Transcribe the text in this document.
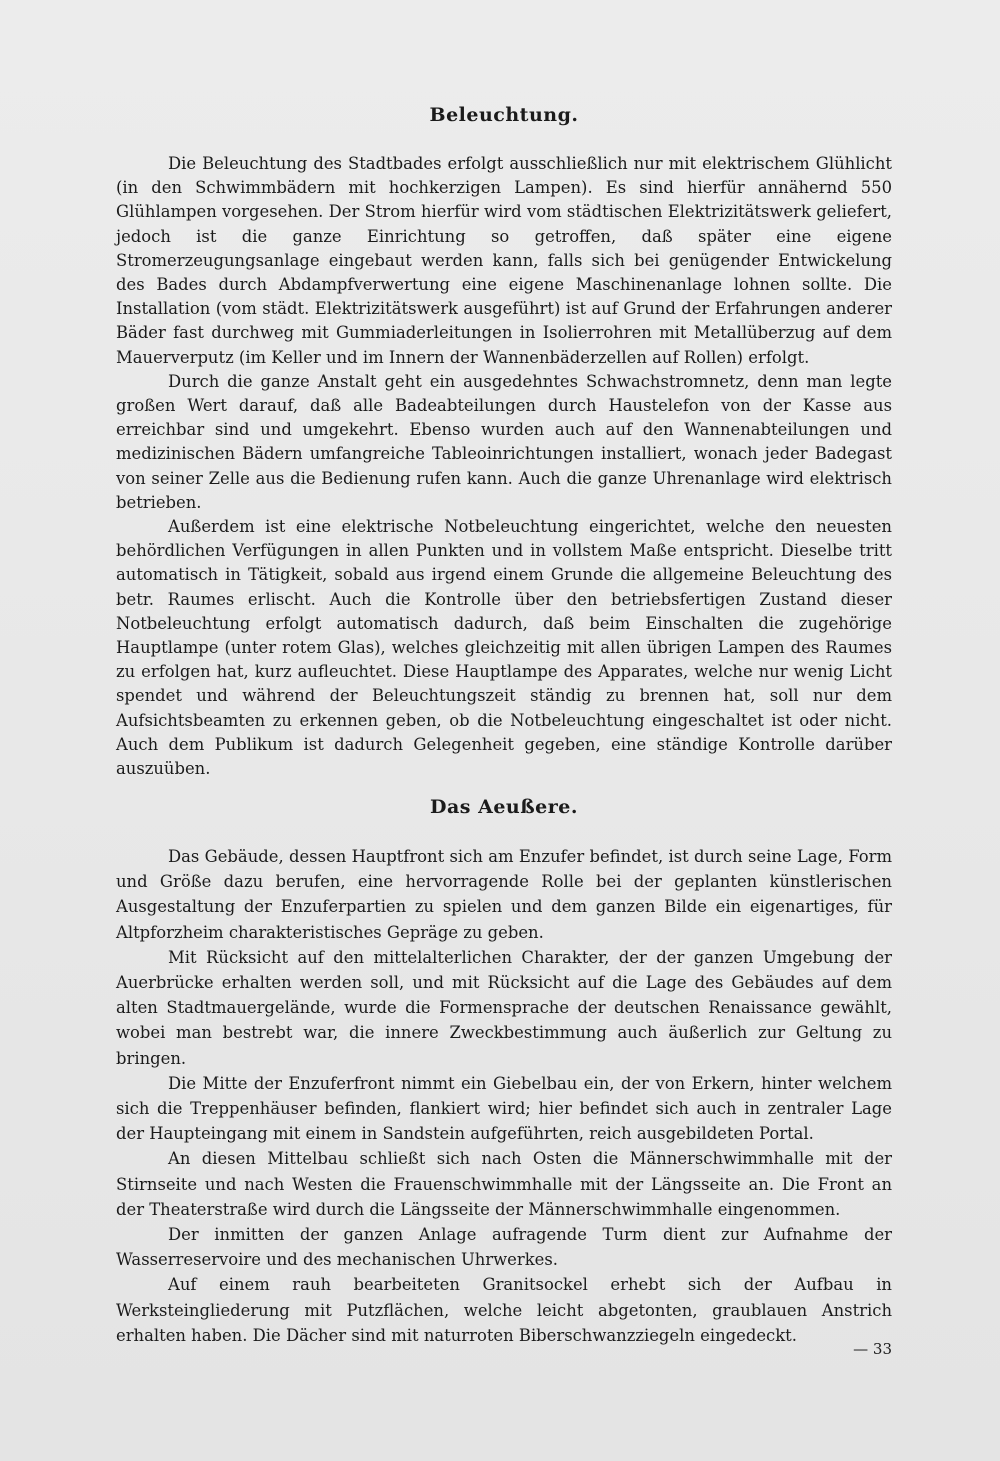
Beleuchtung.

Die Beleuchtung des Stadtbades erfolgt ausschließlich nur mit elektrischem Glühlicht (in den Schwimmbädern mit hochkerzigen Lampen). Es sind hierfür annähernd 550 Glühlampen vorgesehen. Der Strom hierfür wird vom städtischen Elektrizitätswerk geliefert, jedoch ist die ganze Einrichtung so getroffen, daß später eine eigene Stromerzeugungsanlage eingebaut werden kann, falls sich bei genügender Entwickelung des Bades durch Abdampfverwertung eine eigene Maschinenanlage lohnen sollte. Die Installation (vom städt. Elektrizitätswerk ausgeführt) ist auf Grund der Erfahrungen anderer Bäder fast durchweg mit Gummiaderleitungen in Isolierrohren mit Metallüberzug auf dem Mauerverputz (im Keller und im Innern der Wannenbäderzellen auf Rollen) erfolgt.

Durch die ganze Anstalt geht ein ausgedehntes Schwachstromnetz, denn man legte großen Wert darauf, daß alle Badeabteilungen durch Haustelefon von der Kasse aus erreichbar sind und umgekehrt. Ebenso wurden auch auf den Wannenabteilungen und medizinischen Bädern umfangreiche Tableoinrichtungen installiert, wonach jeder Badegast von seiner Zelle aus die Bedienung rufen kann. Auch die ganze Uhrenanlage wird elektrisch betrieben.

Außerdem ist eine elektrische Notbeleuchtung eingerichtet, welche den neuesten behördlichen Verfügungen in allen Punkten und in vollstem Maße entspricht. Dieselbe tritt automatisch in Tätigkeit, sobald aus irgend einem Grunde die allgemeine Beleuchtung des betr. Raumes erlischt. Auch die Kontrolle über den betriebsfertigen Zustand dieser Notbeleuchtung erfolgt automatisch dadurch, daß beim Einschalten die zugehörige Hauptlampe (unter rotem Glas), welches gleichzeitig mit allen übrigen Lampen des Raumes zu erfolgen hat, kurz aufleuchtet. Diese Hauptlampe des Apparates, welche nur wenig Licht spendet und während der Beleuchtungszeit ständig zu brennen hat, soll nur dem Aufsichtsbeamten zu erkennen geben, ob die Notbeleuchtung eingeschaltet ist oder nicht. Auch dem Publikum ist dadurch Gelegenheit gegeben, eine ständige Kontrolle darüber auszuüben.

Das Aeußere.

Das Gebäude, dessen Hauptfront sich am Enzufer befindet, ist durch seine Lage, Form und Größe dazu berufen, eine hervorragende Rolle bei der geplanten künstlerischen Ausgestaltung der Enzuferpartien zu spielen und dem ganzen Bilde ein eigenartiges, für Altpforzheim charakteristisches Gepräge zu geben.

Mit Rücksicht auf den mittelalterlichen Charakter, der der ganzen Umgebung der Auerbrücke erhalten werden soll, und mit Rücksicht auf die Lage des Gebäudes auf dem alten Stadtmauergelände, wurde die Formensprache der deutschen Renaissance gewählt, wobei man bestrebt war, die innere Zweckbestimmung auch äußerlich zur Geltung zu bringen.

Die Mitte der Enzuferfront nimmt ein Giebelbau ein, der von Erkern, hinter welchem sich die Treppenhäuser befinden, flankiert wird; hier befindet sich auch in zentraler Lage der Haupteingang mit einem in Sandstein aufgeführten, reich ausgebildeten Portal.

An diesen Mittelbau schließt sich nach Osten die Männerschwimmhalle mit der Stirnseite und nach Westen die Frauenschwimmhalle mit der Längsseite an. Die Front an der Theaterstraße wird durch die Längsseite der Männerschwimmhalle eingenommen.

Der inmitten der ganzen Anlage aufragende Turm dient zur Aufnahme der Wasserreservoire und des mechanischen Uhrwerkes.

Auf einem rauh bearbeiteten Granitsockel erhebt sich der Aufbau in Werksteingliederung mit Putzflächen, welche leicht abgetonten, graublauen Anstrich erhalten haben. Die Dächer sind mit naturroten Biberschwanzziegeln eingedeckt.

— 33
